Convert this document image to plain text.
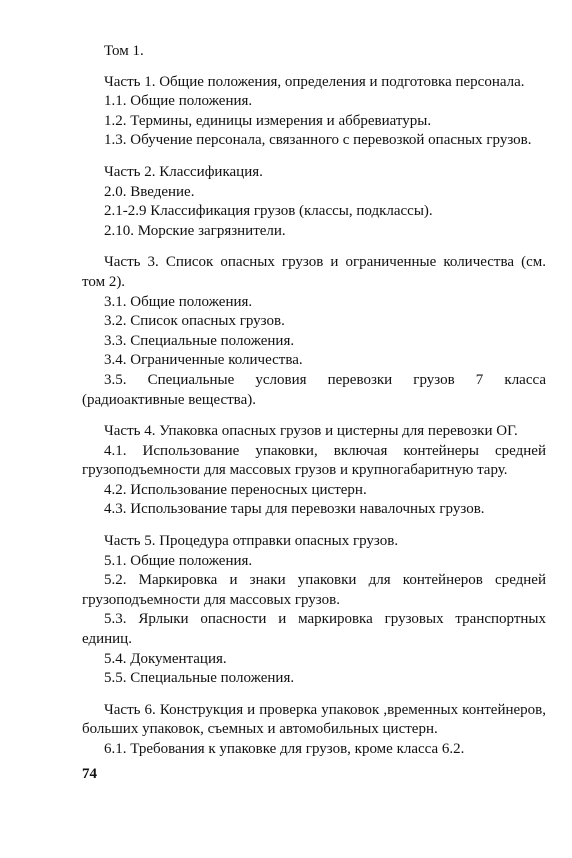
Том 1.
Часть 1. Общие положения, определения и подготовка персонала.
1.1. Общие положения.
1.2. Термины, единицы измерения и аббревиатуры.
1.3. Обучение персонала, связанного с перевозкой опасных грузов.
Часть 2. Классификация.
2.0. Введение.
2.1-2.9 Классификация грузов (классы, подклассы).
2.10. Морские загрязнители.
Часть 3. Список опасных грузов и ограниченные количества (см. том 2).
3.1. Общие положения.
3.2. Список опасных грузов.
3.3. Специальные положения.
3.4. Ограниченные количества.
3.5. Специальные условия перевозки грузов 7 класса (радиоактивные вещества).
Часть 4. Упаковка опасных грузов и цистерны для перевозки ОГ.
4.1. Использование упаковки, включая контейнеры средней грузоподъемности для массовых грузов и крупногабаритную тару.
4.2. Использование переносных цистерн.
4.3. Использование тары для перевозки навалочных грузов.
Часть 5. Процедура отправки опасных грузов.
5.1. Общие положения.
5.2. Маркировка и знаки упаковки для контейнеров средней грузоподъемности для массовых грузов.
5.3. Ярлыки опасности и маркировка грузовых транспортных единиц.
5.4. Документация.
5.5. Специальные положения.
Часть 6. Конструкция и проверка упаковок ,временных контейнеров, больших упаковок, съемных и автомобильных цистерн.
6.1. Требования к упаковке для грузов, кроме класса 6.2.
74
